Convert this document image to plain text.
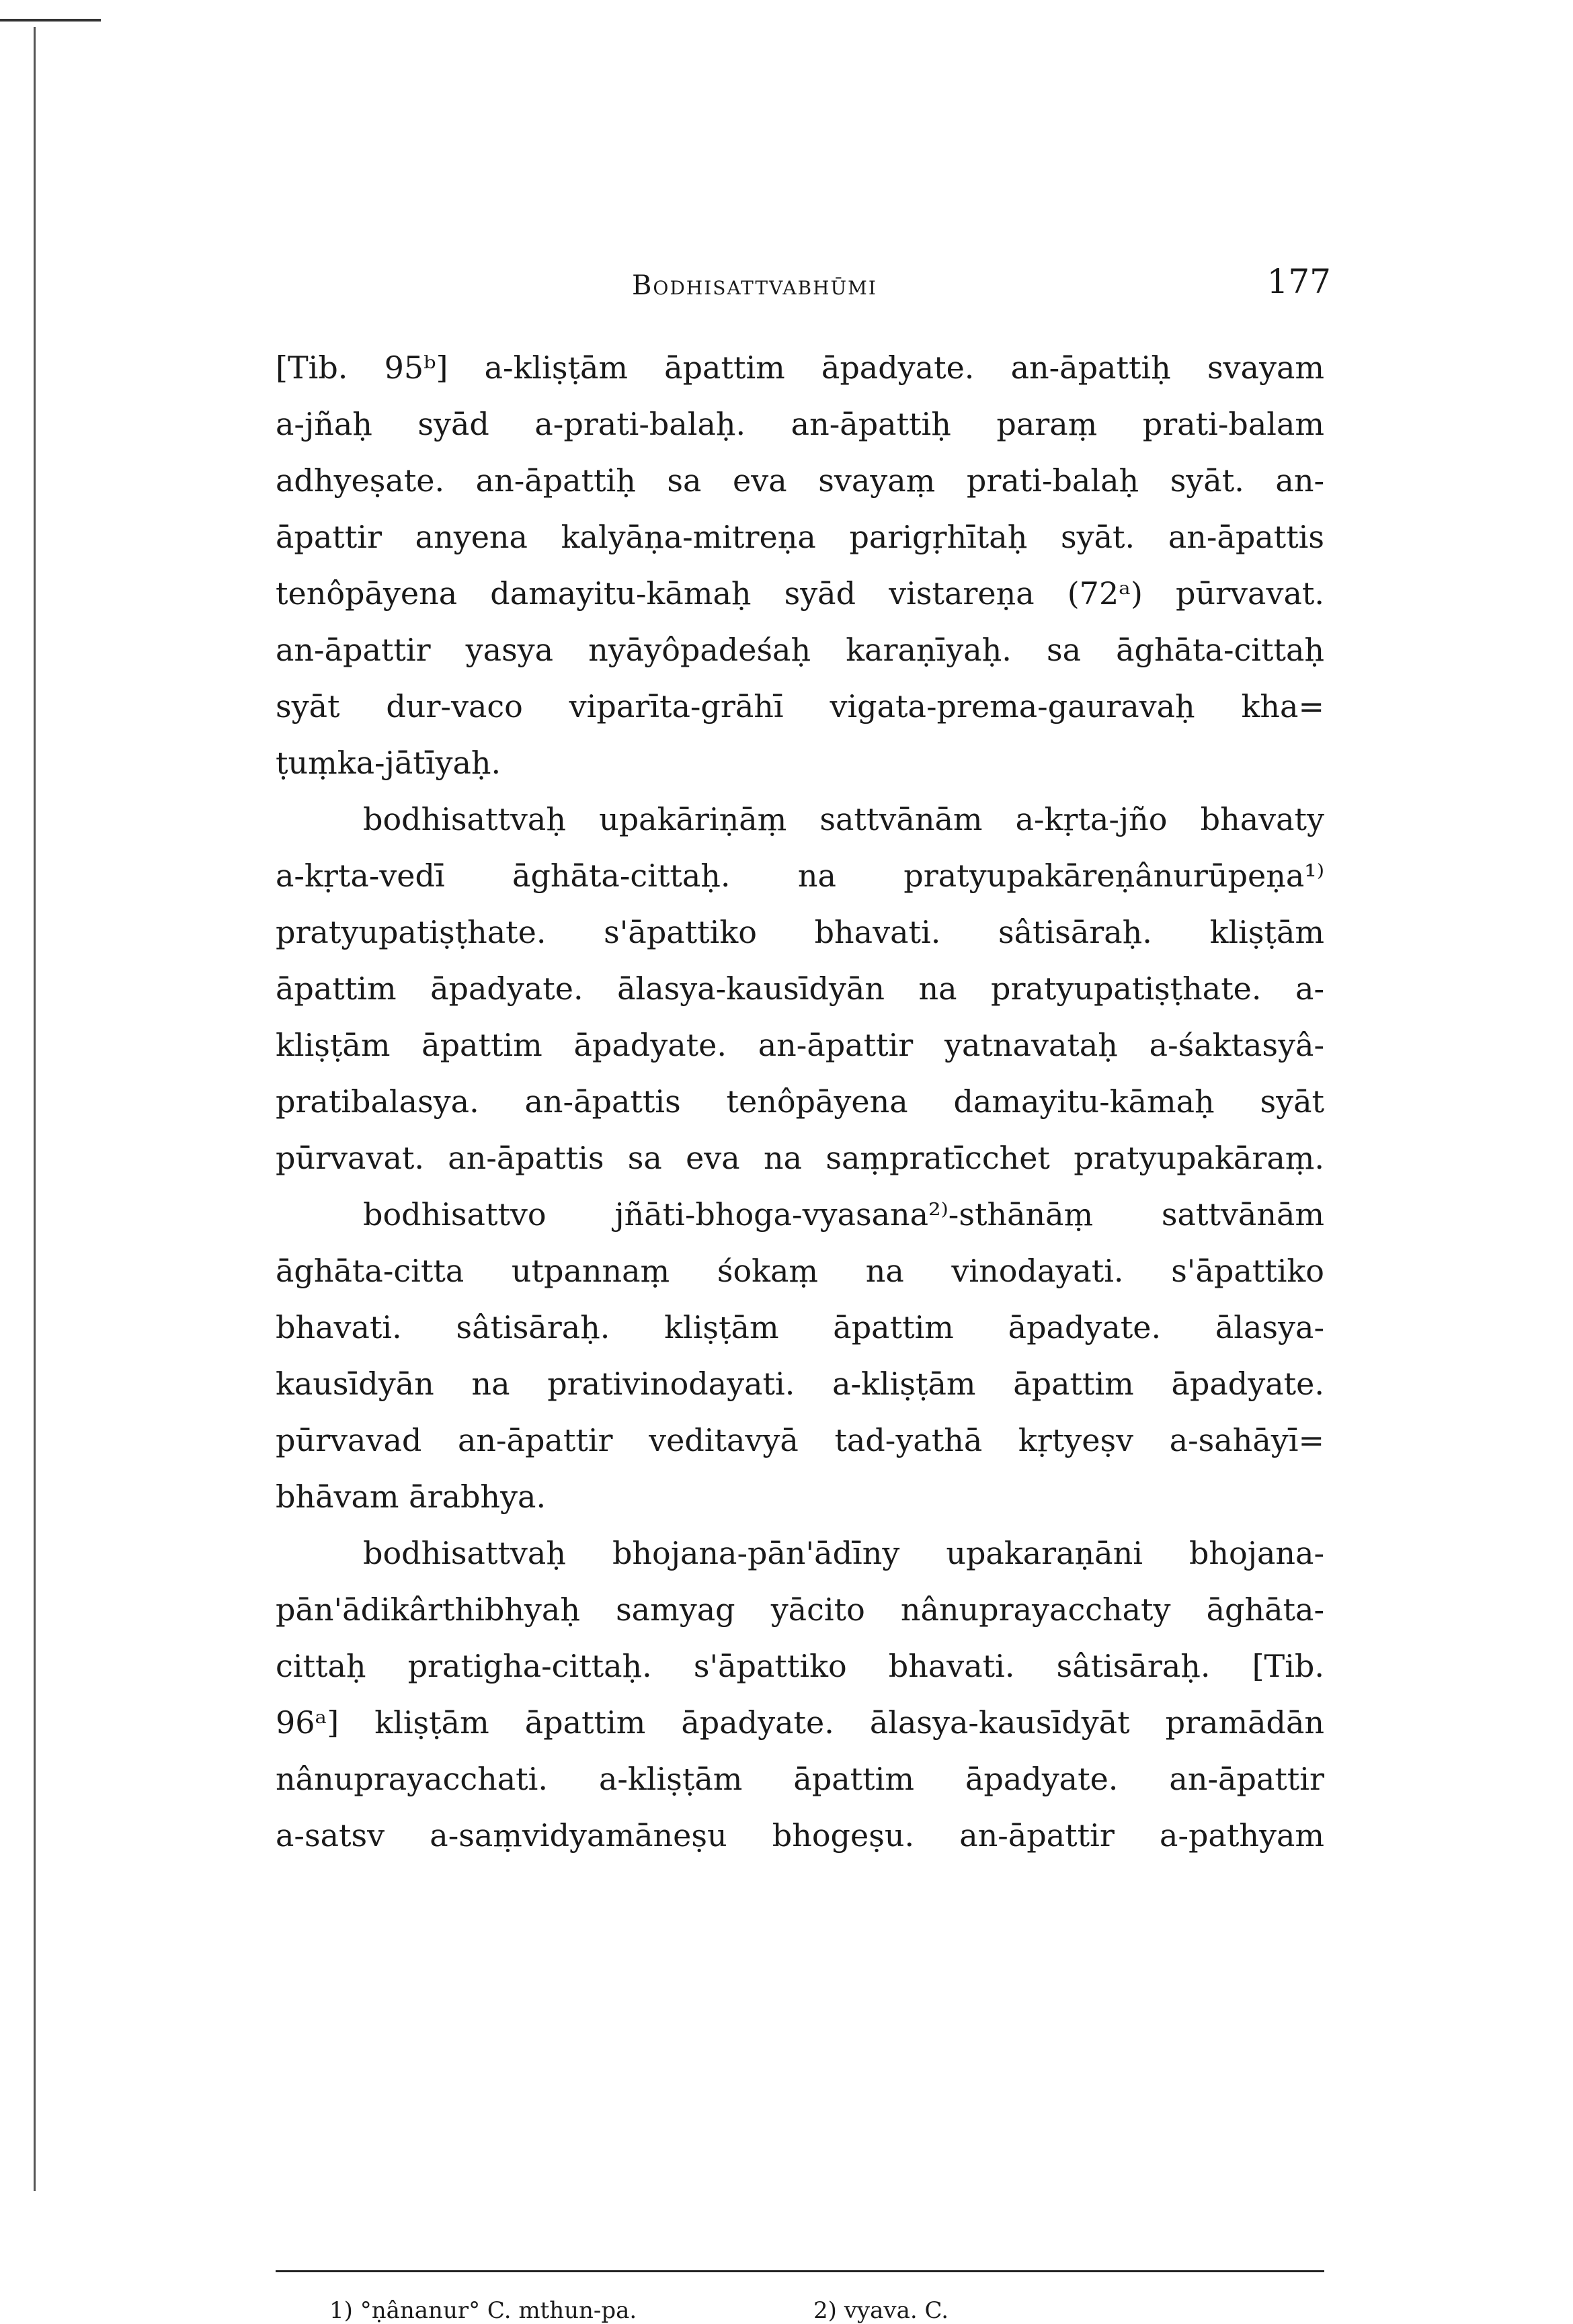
Bodhisattvabhūmi	177
[Tib. 95ᵇ] a-kliṣṭām āpattim āpadyate. an-āpattiḥ svayam
a-jñaḥ syād a-prati-balaḥ. an-āpattiḥ paraṃ prati-balam
adhyeṣate. an-āpattiḥ sa eva svayaṃ prati-balaḥ syāt. an-
āpattir anyena kalyāṇa-mitreṇa parigṛhītaḥ syāt. an-āpattis
tenôpāyena damayitu-kāmaḥ syād vistareṇa (72ᵃ) pūrvavat.
an-āpattir yasya nyāyôpadeśaḥ karaṇīyaḥ. sa āghāta-cittaḥ
syāt dur-vaco viparīta-grāhī vigata-prema-gauravaḥ kha=
ṭuṃka-jātīyaḥ.
bodhisattvaḥ upakāriṇāṃ sattvānām a-kṛta-jño bhavaty
a-kṛta-vedī āghāta-cittaḥ. na pratyupakāreṇânurūpeṇa¹⁾
pratyupatiṣṭhate. s'āpattiko bhavati. sâtisāraḥ. kliṣṭām
āpattim āpadyate. ālasya-kausīdyān na pratyupatiṣṭhate. a-
kliṣṭām āpattim āpadyate. an-āpattir yatnavataḥ a-śaktasyâ-
pratibalasya. an-āpattis tenôpāyena damayitu-kāmaḥ syāt
pūrvavat. an-āpattis sa eva na saṃpratīcchet pratyupakāraṃ.
bodhisattvo jñāti-bhoga-vyasana²⁾-sthānāṃ sattvānām
āghāta-citta utpannaṃ śokaṃ na vinodayati. s'āpattiko
bhavati. sâtisāraḥ. kliṣṭām āpattim āpadyate. ālasya-
kausīdyān na prativinodayati. a-kliṣṭām āpattim āpadyate.
pūrvavad an-āpattir veditavyā tad-yathā kṛtyeṣv a-sahāyī=
bhāvam ārabhya.
bodhisattvaḥ bhojana-pān'ādīny upakaraṇāni bhojana-
pān'ādikârthibhyaḥ samyag yācito nânuprayacchaty āghāta-
cittaḥ pratigha-cittaḥ. s'āpattiko bhavati. sâtisāraḥ. [Tib.
96ᵃ] kliṣṭām āpattim āpadyate. ālasya-kausīdyāt pramādān
nânuprayacchati. a-kliṣṭām āpattim āpadyate. an-āpattir
a-satsv a-saṃvidyamāneṣu bhogeṣu. an-āpattir a-pathyam
1) °ṇânanur° C. mthun-pa.	2) vyava. C.
